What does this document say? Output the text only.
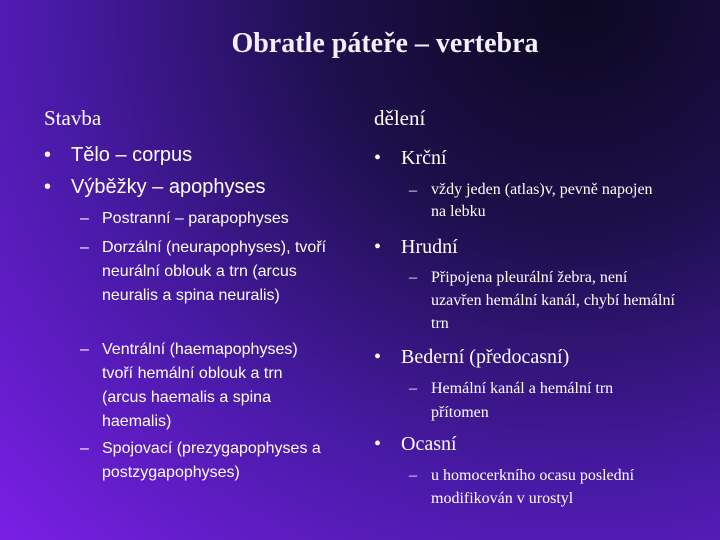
Obratle páteře – vertebra
Stavba
• Tělo – corpus
• Výběžky – apophyses
– Postranní – parapophyses
– Dorzální (neurapophyses), tvoří neurální oblouk a trn (arcus neuralis a spina neuralis)
– Ventrální (haemapophyses) tvoří hemální oblouk a trn (arcus haemalis a spina haemalis)
– Spojovací (prezygapophyses a postzygapophyses)
dělení
• Krční
– vždy jeden (atlas)v, pevně napojen na lebku
• Hrudní
– Připojena pleurální žebra, není uzavřen hemální kanál, chybí hemální trn
• Bederní (předocasní)
– Hemální kanál a hemální trn přítomen
• Ocasní
– u homocerkního ocasu poslední modifikován v urostyl
